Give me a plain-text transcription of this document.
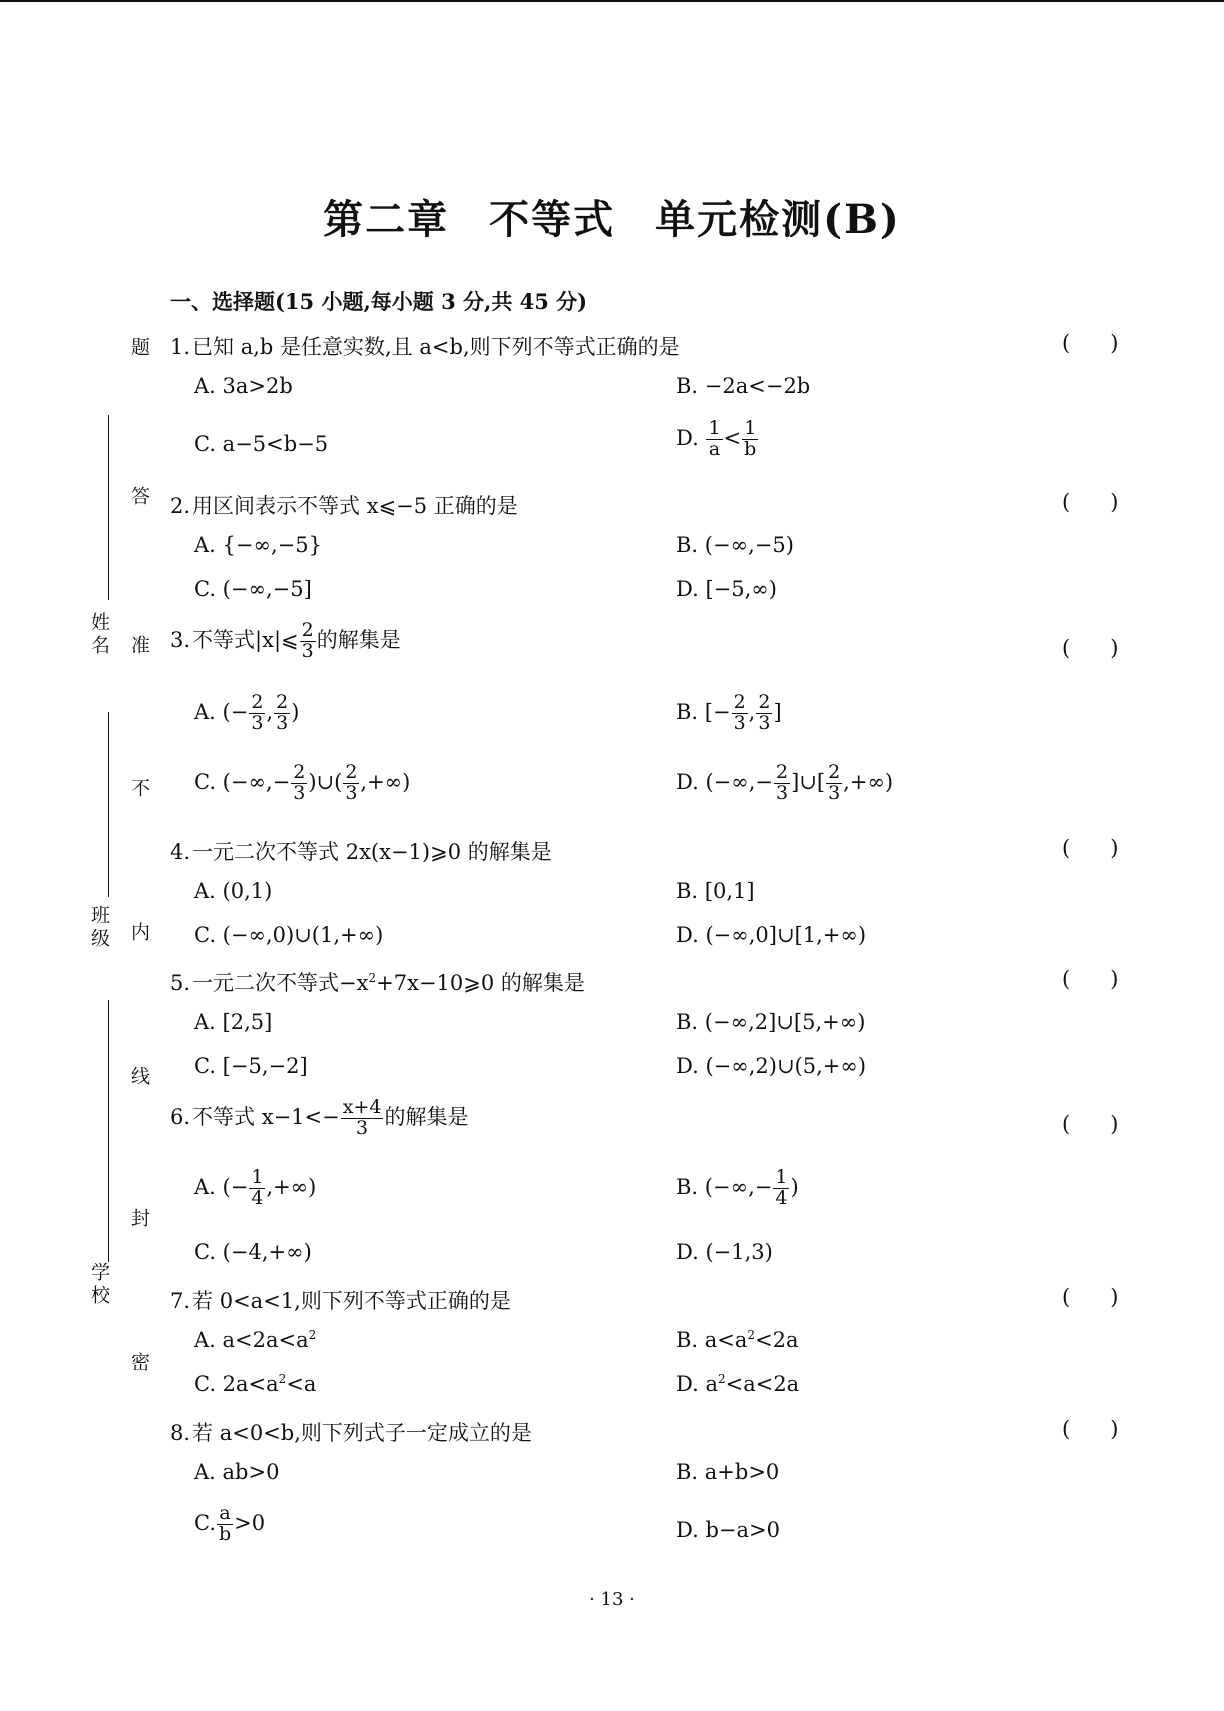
第二章 不等式 单元检测(B)
一、选择题(15 小题,每小题 3 分,共 45 分)
姓名
班级
学校
题
答
准
不
内
线
封
密
1.已知 a,b 是任意实数,且 a<b,则下列不等式正确的是	(      )
A. 3a>2b	B. −2a<−2b
C. a−5<b−5	D. $\frac{1}{a} < \frac{1}{b}$
2.用区间表示不等式 x⩽−5 正确的是	(      )
A. {−∞,−5}	B. (−∞,−5)
C. (−∞,−5]	D. [−5,∞)
3.不等式|x|⩽ $\frac{2}{3}$ 的解集是	(      )
A. (− $\frac{2}{3}$ , $\frac{2}{3}$ )	B. [− $\frac{2}{3}$ , $\frac{2}{3}$ ]
C. (−∞,− $\frac{2}{3}$ )∪( $\frac{2}{3}$ ,+∞)	D. (−∞,− $\frac{2}{3}$ ]∪[ $\frac{2}{3}$ ,+∞)
4.一元二次不等式 2x(x−1)⩾0 的解集是	(      )
A. (0,1)	B. [0,1]
C. (−∞,0)∪(1,+∞)	D. (−∞,0]∪[1,+∞)
5.一元二次不等式$-x^2+7x-10⩾0$ 的解集是	(      )
A. [2,5]	B. (−∞,2]∪[5,+∞)
C. [−5,−2]	D. (−∞,2)∪(5,+∞)
6.不等式 $x-1<- \frac{x+4}{3}$ 的解集是	(      )
A. (− $\frac{1}{4}$ ,+∞)	B. (−∞,− $\frac{1}{4}$ )
C. (−4,+∞)	D. (−1,3)
7.若 0<a<1,则下列不等式正确的是	(      )
A. $a<2a<a^2$	B. $a<a^2<2a$
C. $2a<a^2<a$	D. $a^2<a<2a$
8.若 a<0<b,则下列式子一定成立的是	(      )
A. ab>0	B. a+b>0
C. $\frac{a}{b} >0$	D. b−a>0
· 13 ·
